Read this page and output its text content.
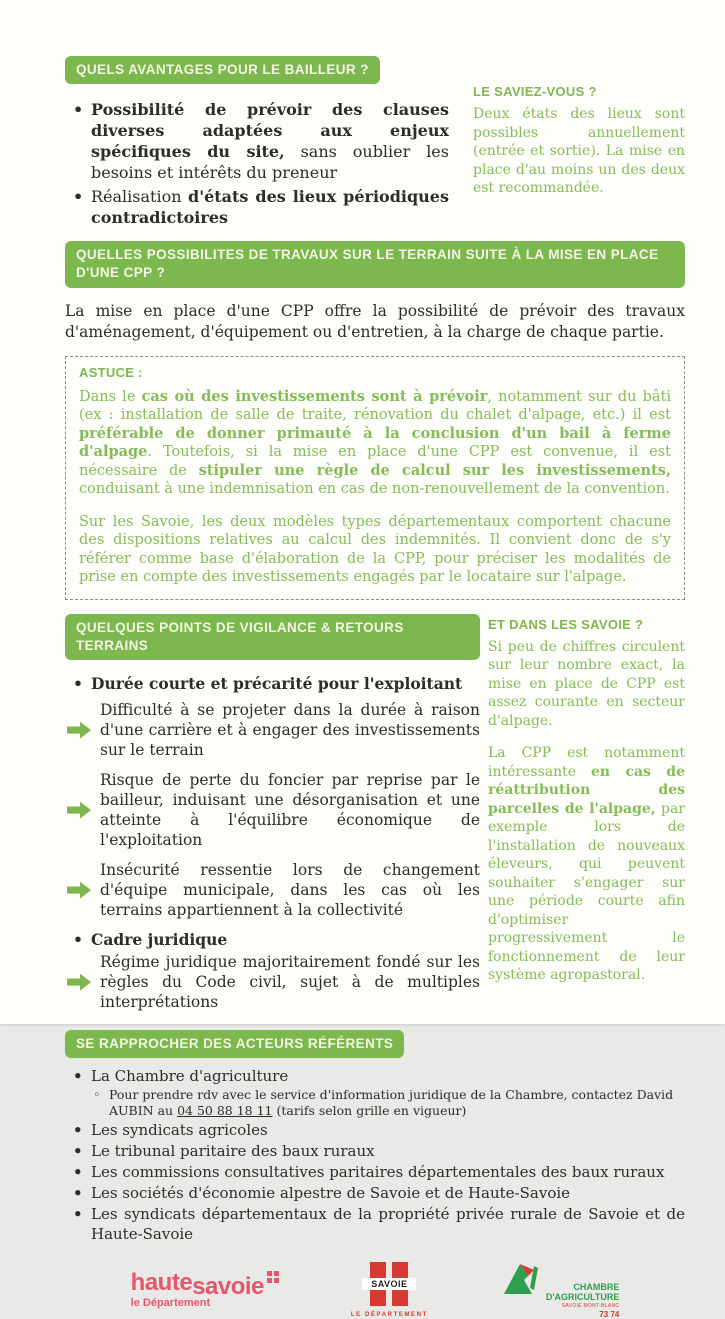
QUELS AVANTAGES POUR LE BAILLEUR ?
• Possibilité de prévoir des clauses diverses adaptées aux enjeux spécifiques du site, sans oublier les besoins et intérêts du preneur
• Réalisation d'états des lieux périodiques contradictoires

LE SAVIEZ-VOUS ?

Deux états des lieux sont possibles annuellement (entrée et sortie). La mise en place d'au moins un des deux est recommandée.

QUELLES POSSIBILITES DE TRAVAUX SUR LE TERRAIN SUITE À LA MISE EN PLACE D'UNE CPP ?

La mise en place d'une CPP offre la possibilité de prévoir des travaux d'aménagement, d'équipement ou d'entretien, à la charge de chaque partie.

ASTUCE :

Dans le cas où des investissements sont à prévoir, notamment sur du bâti (ex : installation de salle de traite, rénovation du chalet d'alpage, etc.) il est préférable de donner primauté à la conclusion d'un bail à ferme d'alpage. Toutefois, si la mise en place d'une CPP est convenue, il est nécessaire de stipuler une règle de calcul sur les investissements, conduisant à une indemnisation en cas de non-renouvellement de la convention.

Sur les Savoie, les deux modèles types départementaux comportent chacune des dispositions relatives au calcul des indemnités. Il convient donc de s'y référer comme base d'élaboration de la CPP, pour préciser les modalités de prise en compte des investissements engagés par le locataire sur l'alpage.

QUELQUES POINTS DE VIGILANCE & RETOURS TERRAINS
• Durée courte et précarité pour l'exploitant
Difficulté à se projeter dans la durée à raison d'une carrière et à engager des investissements sur le terrain
Risque de perte du foncier par reprise par le bailleur, induisant une désorganisation et une atteinte à l'équilibre économique de l'exploitation
Insécurité ressentie lors de changement d'équipe municipale, dans les cas où les terrains appartiennent à la collectivité
• Cadre juridique
Régime juridique majoritairement fondé sur les règles du Code civil, sujet à de multiples interprétations
SE RAPPROCHER DES ACTEURS RÉFÉRENTS

ET DANS LES SAVOIE ?

Si peu de chiffres circulent sur leur nombre exact, la mise en place de CPP est assez courante en secteur d'alpage.

La CPP est notamment intéressante en cas de réattribution des parcelles de l'alpage, par exemple lors de l'installation de nouveaux éleveurs, qui peuvent souhaiter s'engager sur une période courte afin d'optimiser progressivement le fonctionnement de leur système agropastoral.

• La Chambre d'agriculture
◦ Pour prendre rdv avec le service d'information juridique de la Chambre, contactez David AUBIN au 04 50 88 18 11 (tarifs selon grille en vigueur)
• Les syndicats agricoles
• Le tribunal paritaire des baux ruraux
• Les commissions consultatives paritaires départementales des baux ruraux
• Les sociétés d'économie alpestre de Savoie et de Haute-Savoie
• Les syndicats départementaux de la propriété privée rurale de Savoie et de Haute-Savoie
haute savoie
le Département
SAVOIE
LE DÉPARTEMENT
CHAMBRE
D'AGRICULTURE
SAVOIE MONT-BLANC
73 74
